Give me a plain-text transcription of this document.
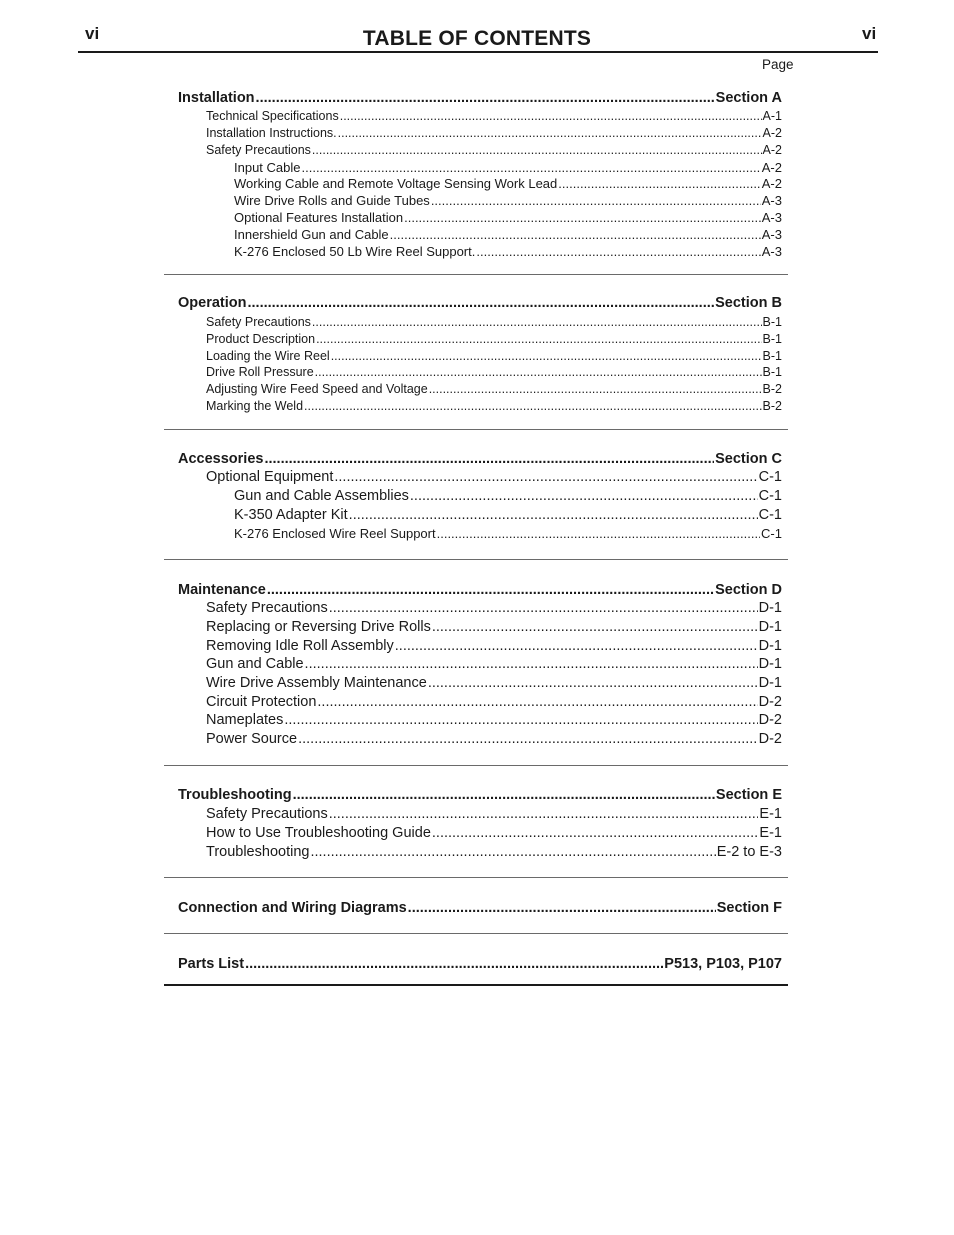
vi	TABLE OF CONTENTS	vi
Page
Installation .....	Section A
Technical Specifications .....	A-1
Installation Instructions. .....	A-2
Safety Precautions .....	A-2
Input Cable .....	A-2
Working Cable and Remote Voltage Sensing Work Lead .....	A-2
Wire Drive Rolls and Guide Tubes .....	A-3
Optional Features Installation .....	A-3
Innershield Gun and Cable .....	A-3
K-276 Enclosed 50 Lb Wire Reel Support. .....	A-3
Operation .....	Section B
Safety Precautions .....	B-1
Product Description .....	B-1
Loading the Wire Reel .....	B-1
Drive Roll Pressure .....	B-1
Adjusting Wire Feed Speed and Voltage .....	B-2
Marking the Weld .....	B-2
Accessories .....	Section C
Optional Equipment .....	C-1
Gun and Cable Assemblies .....	C-1
K-350 Adapter Kit .....	C-1
K-276 Enclosed Wire Reel Support .....	C-1
Maintenance .....	Section D
Safety Precautions .....	D-1
Replacing or Reversing Drive Rolls .....	D-1
Removing Idle Roll Assembly .....	D-1
Gun and Cable .....	D-1
Wire Drive Assembly Maintenance .....	D-1
Circuit Protection .....	D-2
Nameplates .....	D-2
Power Source .....	D-2
Troubleshooting .....	Section E
Safety Precautions .....	E-1
How to Use Troubleshooting Guide .....	E-1
Troubleshooting .....	E-2 to E-3
Connection and Wiring Diagrams .....	Section F
Parts List .....	P513, P103, P107
